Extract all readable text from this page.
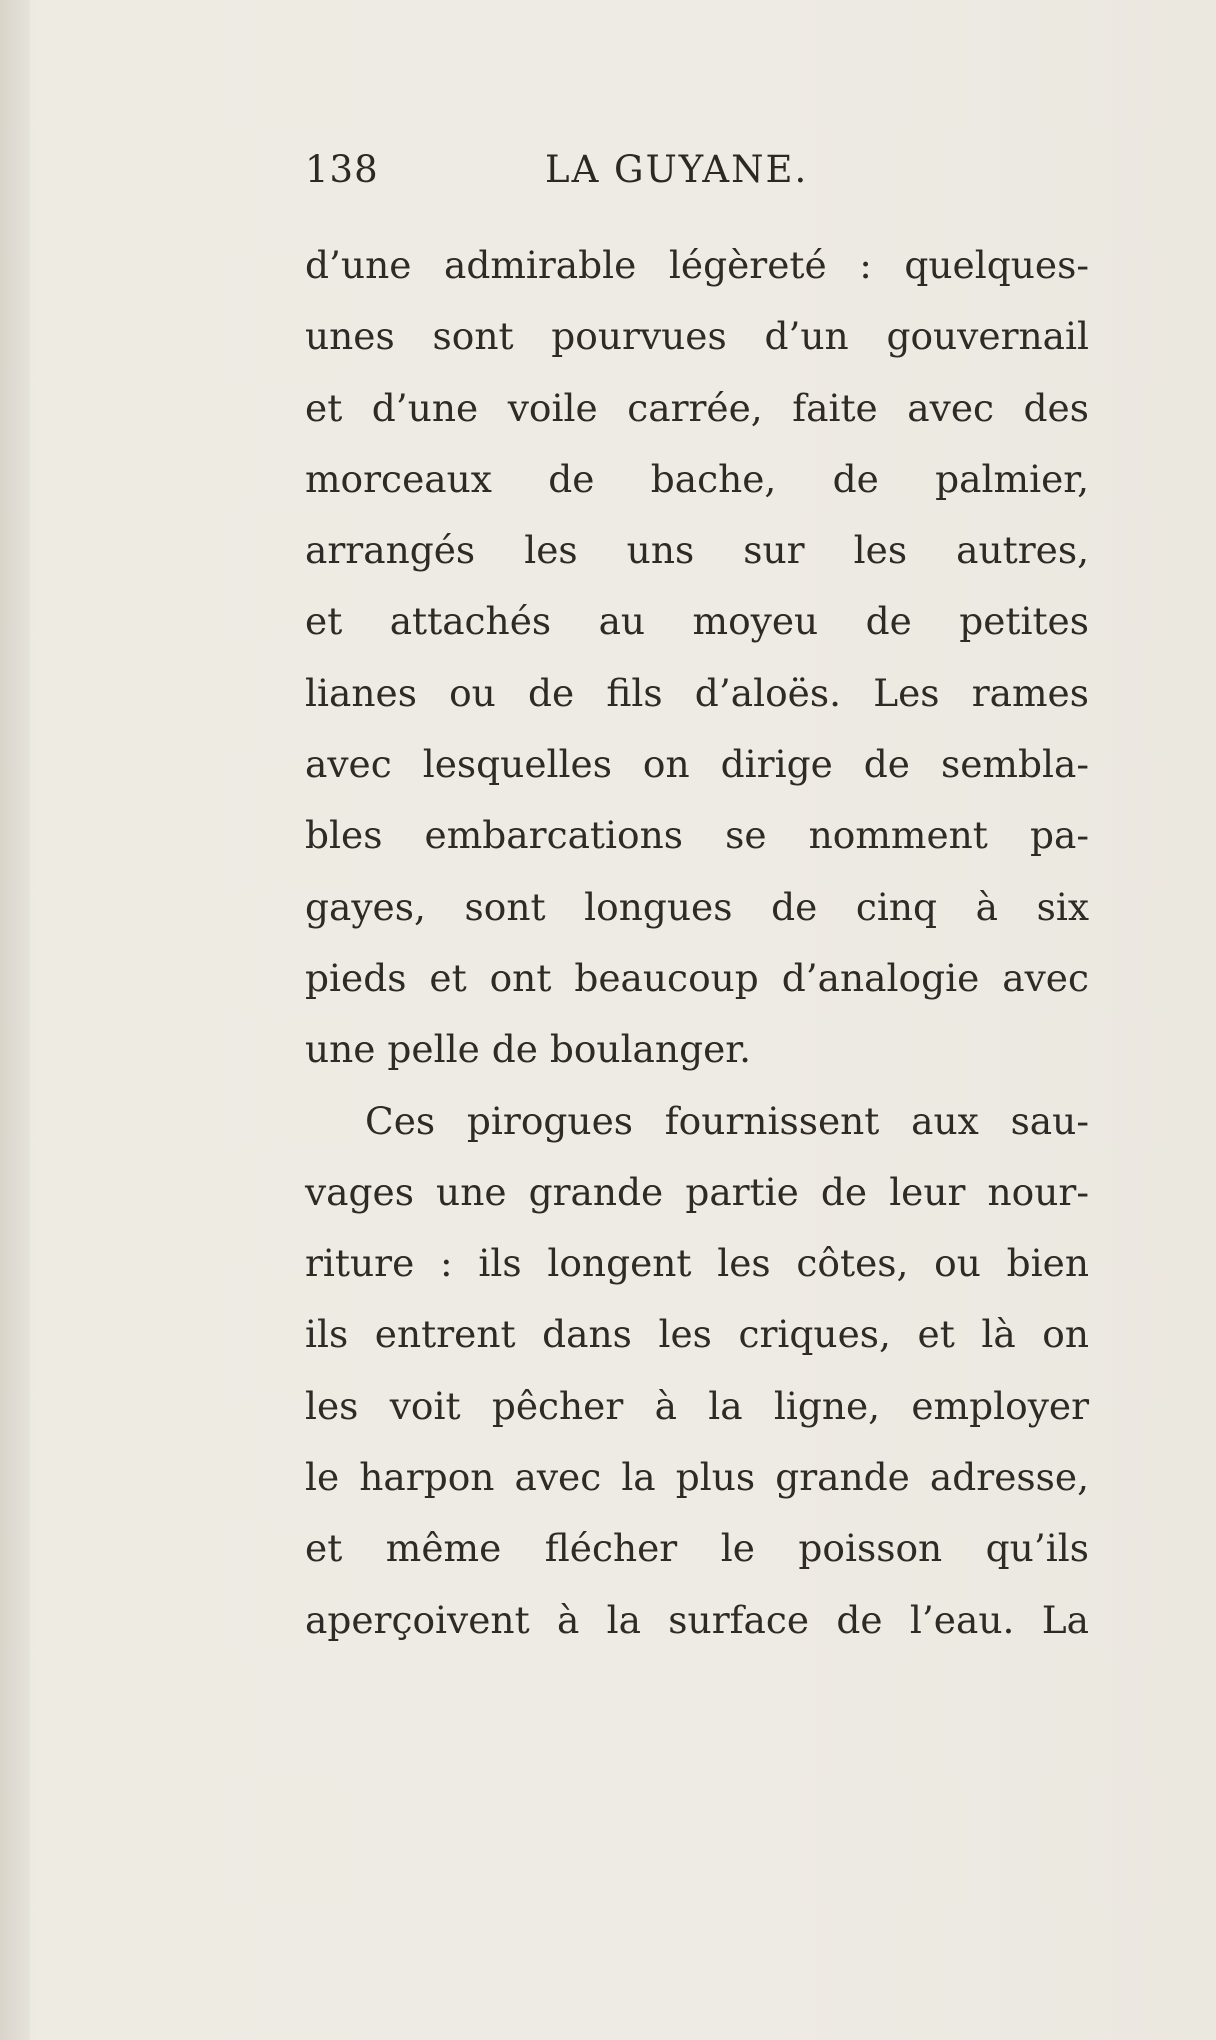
138	LA GUYANE.
d’une admirable légèreté : quelques-
unes sont pourvues d’un gouvernail
et d’une voile carrée, faite avec des
morceaux de bache, de palmier,
arrangés les uns sur les autres,
et attachés au moyeu de petites
lianes ou de fils d’aloës. Les rames
avec lesquelles on dirige de sembla-
bles embarcations se nomment pa-
gayes, sont longues de cinq à six
pieds et ont beaucoup d’analogie avec
une pelle de boulanger.
Ces pirogues fournissent aux sau-
vages une grande partie de leur nour-
riture : ils longent les côtes, ou bien
ils entrent dans les criques, et là on
les voit pêcher à la ligne, employer
le harpon avec la plus grande adresse,
et même flécher le poisson qu’ils
aperçoivent à la surface de l’eau. La
